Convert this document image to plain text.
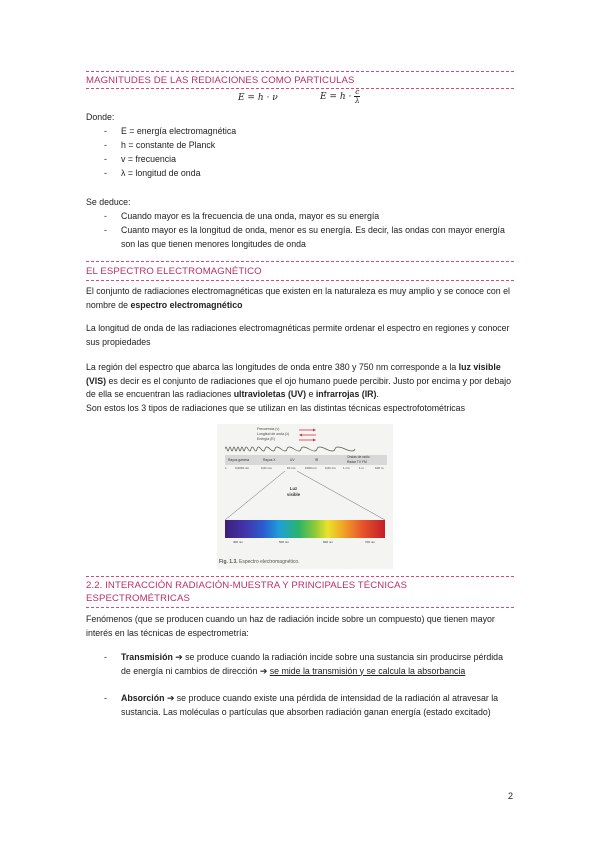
MAGNITUDES DE LAS REDIACIONES COMO PARTICULAS
E = h · ν	$E = h \cdot \frac{c}{\lambda}$
Donde:
- E = energía electromagnética
- h = constante de Planck
- v = frecuencia
- λ = longitud de onda
Se deduce:
- Cuando mayor es la frecuencia de una onda, mayor es su energía
- Cuanto mayor es la longitud de onda, menor es su energía. Es decir, las ondas con mayor energía son las que tienen menores longitudes de onda
EL ESPECTRO ELECTROMAGNÉTICO
El conjunto de radiaciones electromagnéticas que existen en la naturaleza es muy amplio y se conoce con el nombre de espectro electromagnético
La longitud de onda de las radiaciones electromagnéticas permite ordenar el espectro en regiones y conocer sus propiedades
La región del espectro que abarca las longitudes de onda entre 380 y 750 nm corresponde a la luz visible (VIS) es decir es el conjunto de radiaciones que el ojo humano puede percibir. Justo por encima y por debajo de ella se encuentran las radiaciones ultravioletas (UV) e infrarrojas (IR).
Son estos los 3 tipos de radiaciones que se utilizan en las distintas técnicas espectrofotométricas
Frecuencia (ν)
Longitud de onda (λ)
Energía (E)
Rayos gamma	Rayos X	UV	IR
Ondas de radio
Radar TV FM
λ	0,0001 nm	0,01 nm	10 nm	1000 nm	0,01 cm 1 cm	1 m	100 m
Luz
visible
400 nm	500 nm	600 nm	700 nm
Fig. 1.3. Espectro electromagnético.
2.2. INTERACCIÓN RADIACIÓN-MUESTRA Y PRINCIPALES TÉCNICAS ESPECTROMÉTRICAS
Fenómenos (que se producen cuando un haz de radiación incide sobre un compuesto) que tienen mayor interés en las técnicas de espectrometría:
- Transmisión ➔ se produce cuando la radiación incide sobre una sustancia sin producirse pérdida de energía ni cambios de dirección ➔ se mide la transmisión y se calcula la absorbancia
- Absorción ➔ se produce cuando existe una pérdida de intensidad de la radiación al atravesar la sustancia. Las moléculas o partículas que absorben radiación ganan energía (estado excitado)
2
